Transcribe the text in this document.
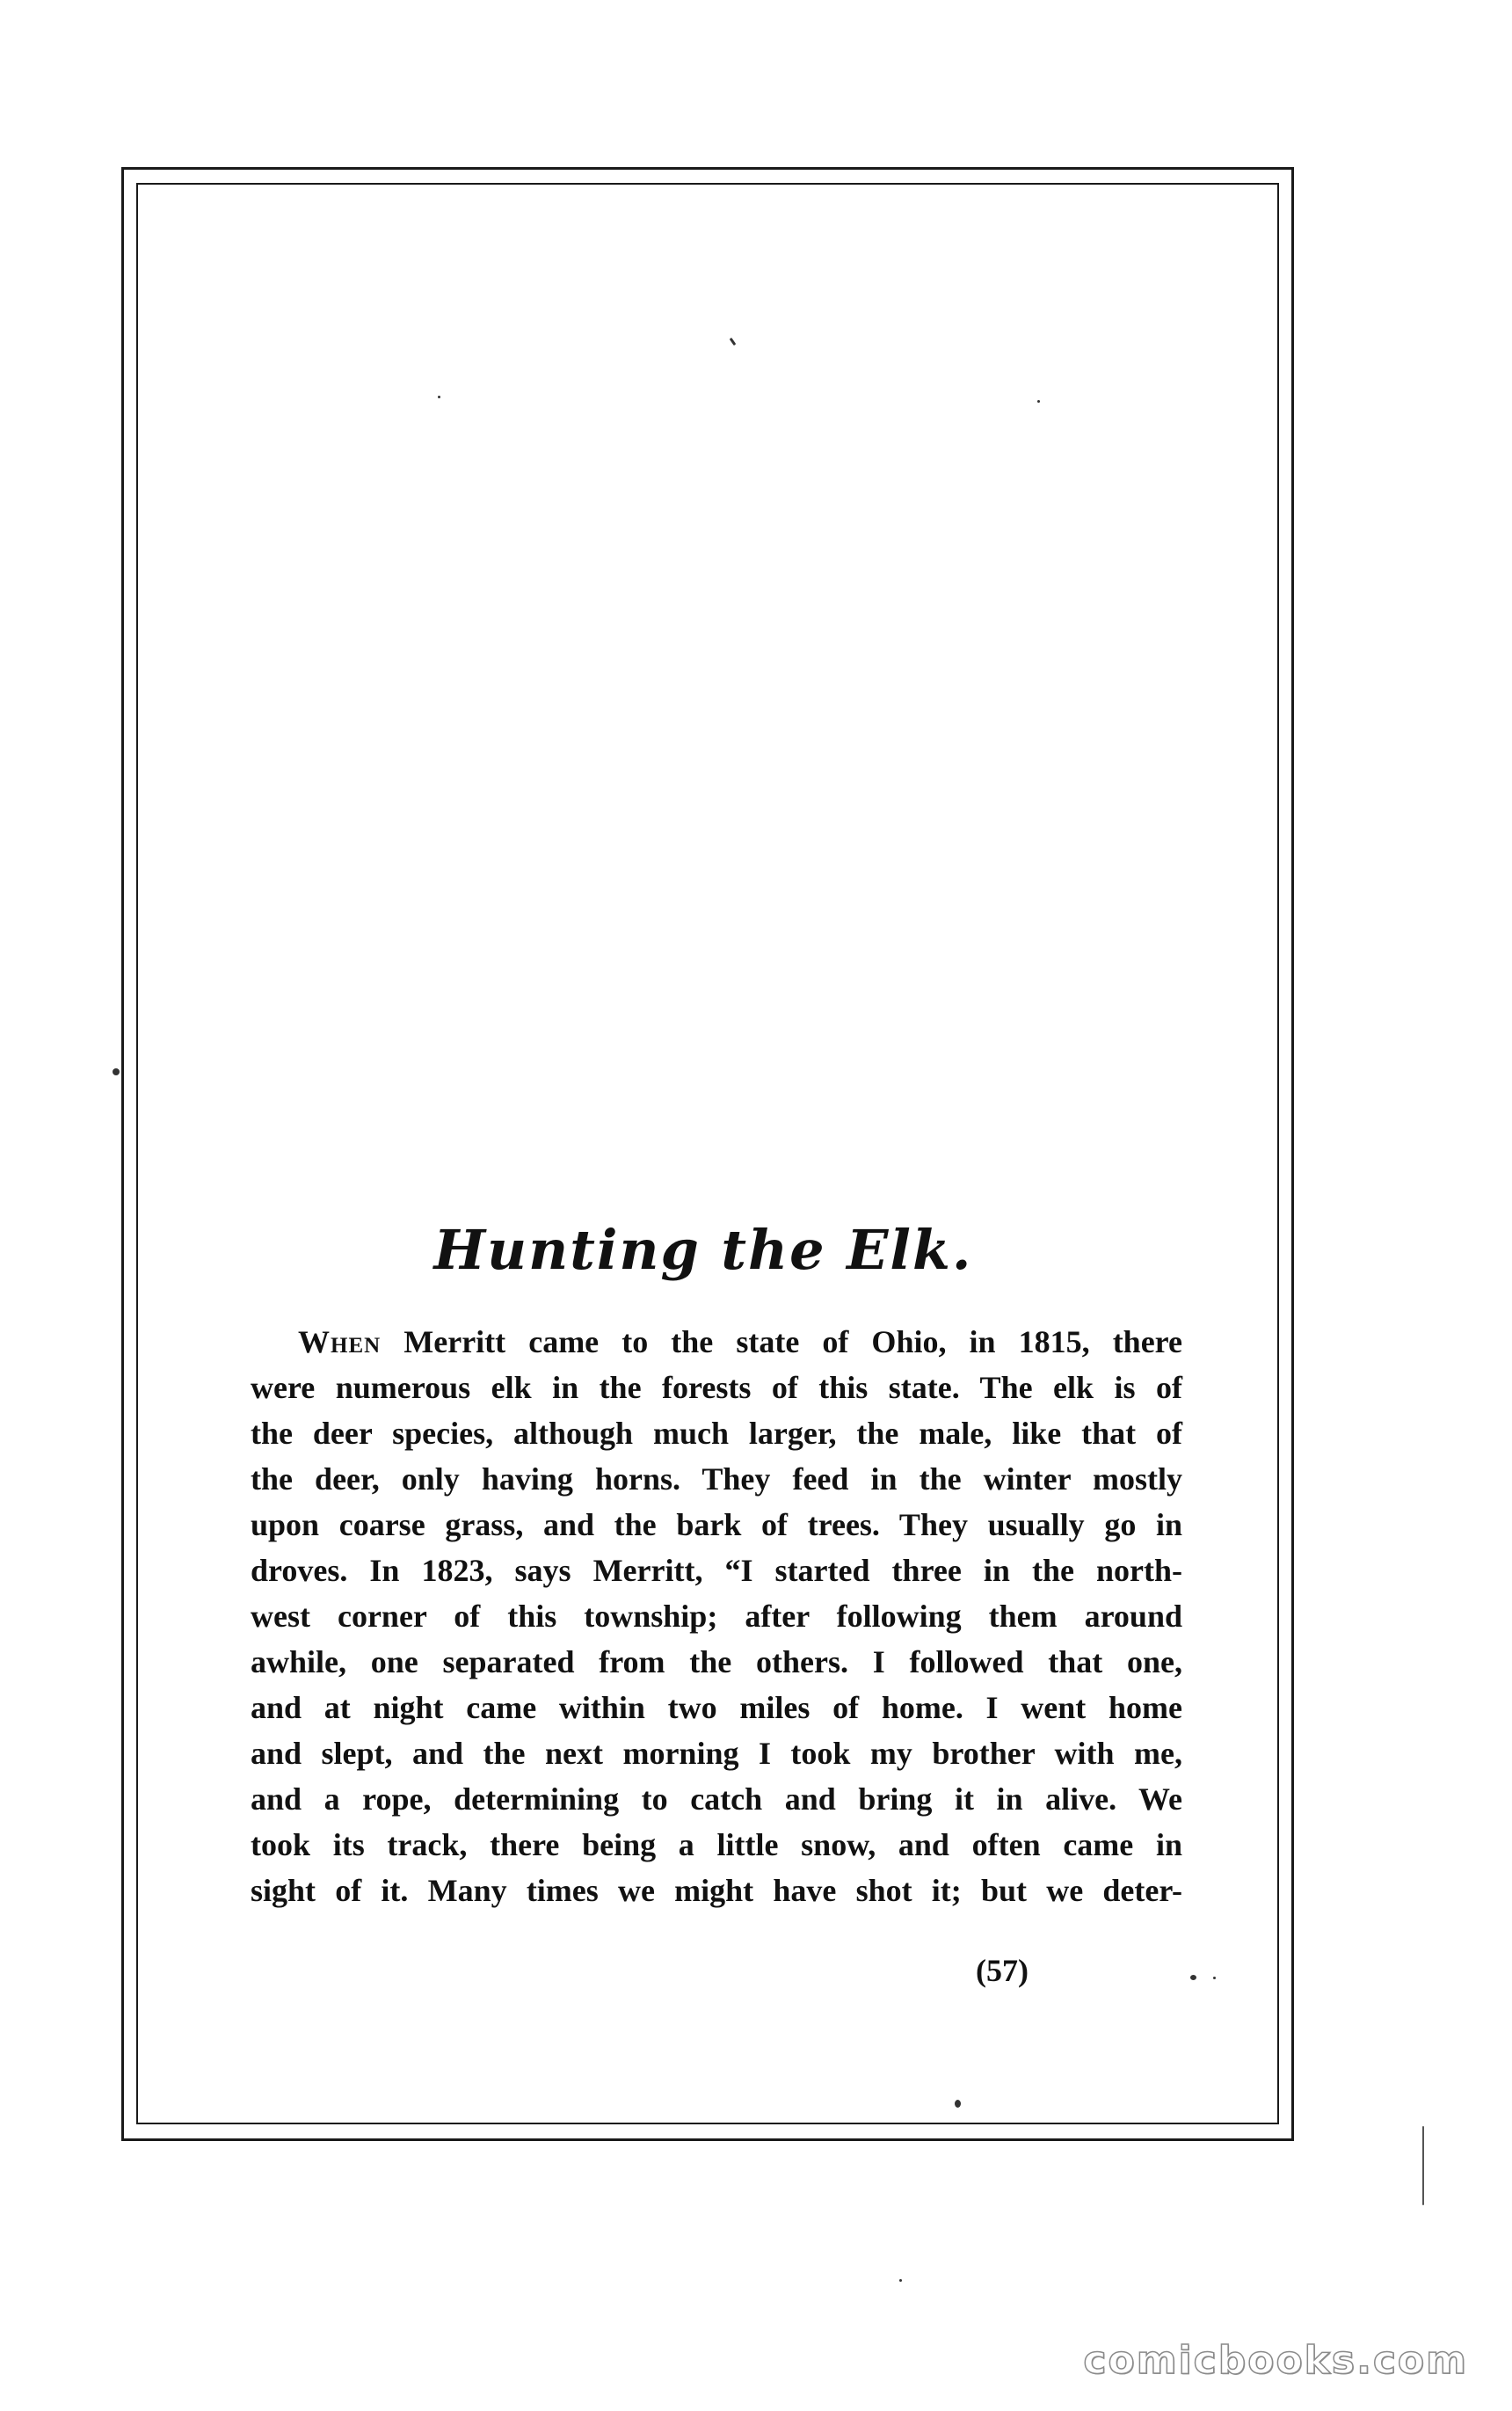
Hunting the Elk.
When Merritt came to the state of Ohio, in 1815, there
were numerous elk in the forests of this state. The elk is of
the deer species, although much larger, the male, like that of
the deer, only having horns. They feed in the winter mostly
upon coarse grass, and the bark of trees. They usually go in
droves. In 1823, says Merritt, “I started three in the north-
west corner of this township; after following them around
awhile, one separated from the others. I followed that one,
and at night came within two miles of home. I went home
and slept, and the next morning I took my brother with me,
and a rope, determining to catch and bring it in alive. We
took its track, there being a little snow, and often came in
sight of it. Many times we might have shot it; but we deter-
(57)
comicbooks.com
